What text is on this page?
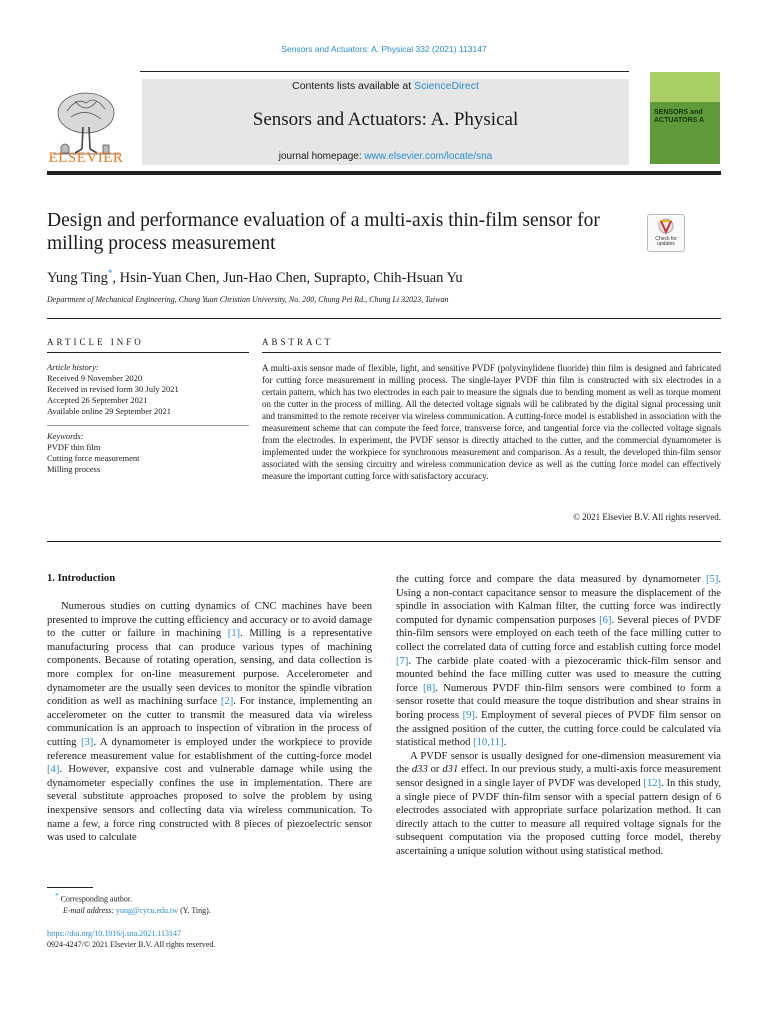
Sensors and Actuators: A. Physical 332 (2021) 113147
Contents lists available at ScienceDirect
Sensors and Actuators: A. Physical
journal homepage: www.elsevier.com/locate/sna
ELSEVIER
SENSORS and ACTUATORS A
Design and performance evaluation of a multi-axis thin-film sensor for milling process measurement	Check for updates
Yung Ting*, Hsin-Yuan Chen, Jun-Hao Chen, Suprapto, Chih-Hsuan Yu
Department of Mechanical Engineering, Chung Yuan Christian University, No. 200, Chung Pei Rd., Chung Li 32023, Taiwan
ARTICLE INFO
Article history:
Received 9 November 2020
Received in revised form 30 July 2021
Accepted 26 September 2021
Available online 29 September 2021
Keywords:
PVDF thin film
Cutting force measurement
Milling process
ABSTRACT
A multi-axis sensor made of flexible, light, and sensitive PVDF (polyvinylidene fluoride) thin film is designed and fabricated for cutting force measurement in milling process. The single-layer PVDF thin film is constructed with six electrodes in a certain pattern, which has two electrodes in each pair to measure the signals due to bending moment as well as torque moment on the cutter in the process of milling. All the detected voltage signals will be calibrated by the digital signal processing unit and transmitted to the remote receiver via wireless communication. A cutting-force model is established in association with the measurement scheme that can compute the feed force, transverse force, and tangential force via the collected voltage signals from the electrodes. In experiment, the PVDF sensor is directly attached to the cutter, and the commercial dynamometer is implemented under the workpiece for synchronous measurement and comparison. As a result, the developed thin-film sensor associated with the sensing circuitry and wireless communication device as well as the cutting force model can effectively measure the important cutting force with satisfactory accuracy.
© 2021 Elsevier B.V. All rights reserved.
1. Introduction
Numerous studies on cutting dynamics of CNC machines have been presented to improve the cutting efficiency and accuracy or to avoid damage to the cutter or failure in machining [1]. Milling is a representative manufacturing process that can produce various types of machining components. Because of rotating operation, sensing, and data collection is more complex for on-line measurement purpose. Accelerometer and dynamometer are the usually seen devices to monitor the spindle vibration condition as well as machining surface [2]. For instance, implementing an accelerometer on the cutter to transmit the measured data via wireless communication is an approach to inspection of vibration in the process of cutting [3]. A dynamometer is employed under the workpiece to provide reference measurement value for establishment of the cutting-force model [4]. However, expansive cost and vulnerable damage while using the dynamometer especially confines the use in implementation. There are several substitute approaches proposed to solve the problem by using inexpensive sensors and collecting data via wireless communication. To name a few, a force ring constructed with 8 pieces of piezoelectric sensor was used to calculate
the cutting force and compare the data measured by dynamometer [5]. Using a non-contact capacitance sensor to measure the displacement of the spindle in association with Kalman filter, the cutting force was indirectly computed for dynamic compensation purposes [6]. Several pieces of PVDF thin-film sensors were employed on each teeth of the face milling cutter to collect the correlated data of cutting force and establish cutting force model [7]. The carbide plate coated with a piezoceramic thick-film sensor and mounted behind the face milling cutter was used to measure the cutting force [8]. Numerous PVDF thin-film sensors were combined to form a sensor rosette that could measure the toque distribution and shear strains in boring process [9]. Employment of several pieces of PVDF film sensor on the assigned position of the cutter, the cutting force could be calculated via statistical method [10,11].
A PVDF sensor is usually designed for one-dimension measurement via the d33 or d31 effect. In our previous study, a multi-axis force measurement sensor designed in a single layer of PVDF was developed [12]. In this study, a single piece of PVDF thin-film sensor with a special pattern design of 6 electrodes associated with appropriate surface polarization method. It can directly attach to the cutter to measure all required voltage signals for the subsequent computation via the proposed cutting force model, thereby ascertaining a unique solution without using statistical method.
* Corresponding author.
E-mail address: yung@cycu.edu.tw (Y. Ting).
https://doi.org/10.1016/j.sna.2021.113147
0924-4247/© 2021 Elsevier B.V. All rights reserved.
